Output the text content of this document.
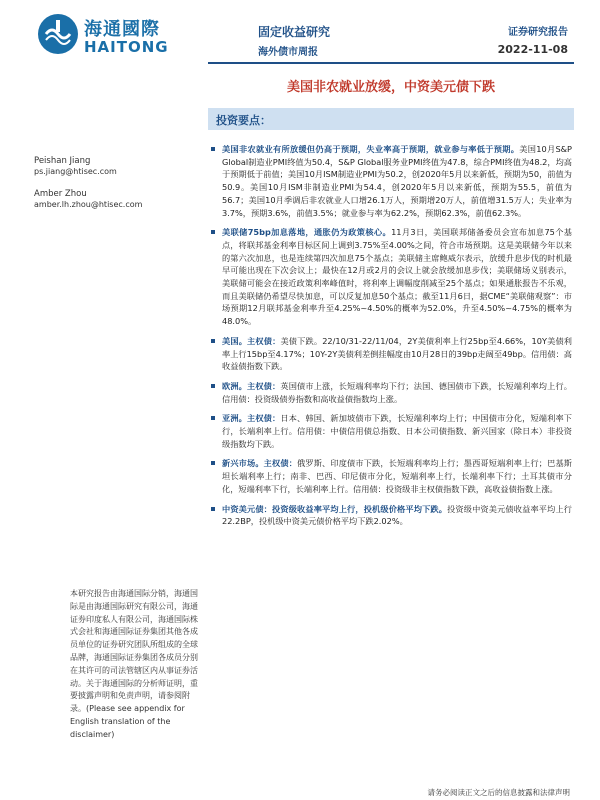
海通國際
HAITONG
固定收益研究
海外债市周报
证券研究报告
2022-11-08
美国非农就业放缓，中资美元债下跌
投资要点：
Peishan Jiang
ps.jiang@htisec.com
Amber Zhou
amber.lh.zhou@htisec.com
美国非农就业有所放缓但仍高于预期，失业率高于预期，就业参与率低于预期。美国10月S&P Global制造业PMI终值为50.4，S&P Global服务业PMI终值为47.8，综合PMI终值为48.2，均高于预期低于前值；美国10月ISM制造业PMI为50.2，创2020年5月以来新低，预期为50，前值为50.9。美国10月ISM非制造业PMI为54.4，创2020年5月以来新低，预期为55.5，前值为56.7；美国10月季调后非农就业人口增26.1万人，预期增20万人，前值增31.5万人；失业率为3.7%，预期3.6%，前值3.5%；就业参与率为62.2%，预期62.3%，前值62.3%。
美联储75bp加息落地，通胀仍为政策核心。11月3日，美国联邦储备委员会宣布加息75个基点，将联邦基金利率目标区间上调到3.75%至4.00%之间，符合市场预期。这是美联储今年以来的第六次加息，也是连续第四次加息75个基点；美联储主席鲍威尔表示，放缓升息步伐的时机最早可能出现在下次会议上；最快在12月或2月的会议上就会放缓加息步伐；美联储场义别表示，美联储可能会在接近政策利率峰值时，将利率上调幅度削减至25个基点；如果通胀报告不乐观，而且美联储仍希望尽快加息，可以反复加息50个基点；截至11月6日，据CME“美联储观察”：市场预期12月联邦基金利率升至4.25%~4.50%的概率为52.0%，升至4.50%~4.75%的概率为48.0%。
美国。主权债：美债下跌。22/10/31-22/11/04，2Y美债利率上行25bp至4.66%，10Y美债利率上行15bp至4.17%；10Y-2Y美债利差倒挂幅度由10月28日的39bp走阔至49bp。信用债：高收益债指数下跌。
欧洲。主权债：英国债市上涨，长短端利率均下行；法国、德国债市下跌，长短端利率均上行。信用债：投资级债券指数和高收益债指数均上涨。
亚洲。主权债：日本、韩国、新加坡债市下跌，长短端利率均上行；中国债市分化，短端利率下行，长端利率上行。信用债：中债信用债总指数、日本公司债指数、新兴国家（除日本）非投资级指数均下跌。
新兴市场。主权债：俄罗斯、印度债市下跌，长短端利率均上行；墨西哥短端利率上行；巴基斯坦长端利率上行；南非、巴西、印尼债市分化，短端利率上行，长端利率下行；土耳其债市分化，短端利率下行，长端利率上行。信用债：投资级非主权债指数下跌，高收益债指数上涨。
中资美元债：投资级收益率平均上行，投机级价格平均下跌。投资级中资美元债收益率平均上行22.2BP，投机级中资美元债价格平均下跌2.02%。
本研究报告由海通国际分销，海通国际是由海通国际研究有限公司，海通证券印度私人有限公司，海通国际株式会社和海通国际证券集团其他各成员单位的证券研究团队所组成的全球品牌，海通国际证券集团各成员分别在其许可的司法管辖区内从事证券活动。关于海通国际的分析师证明，重要披露声明和免责声明，请参阅附录。(Please see appendix for English translation of the disclaimer)
请务必阅读正文之后的信息披露和法律声明
